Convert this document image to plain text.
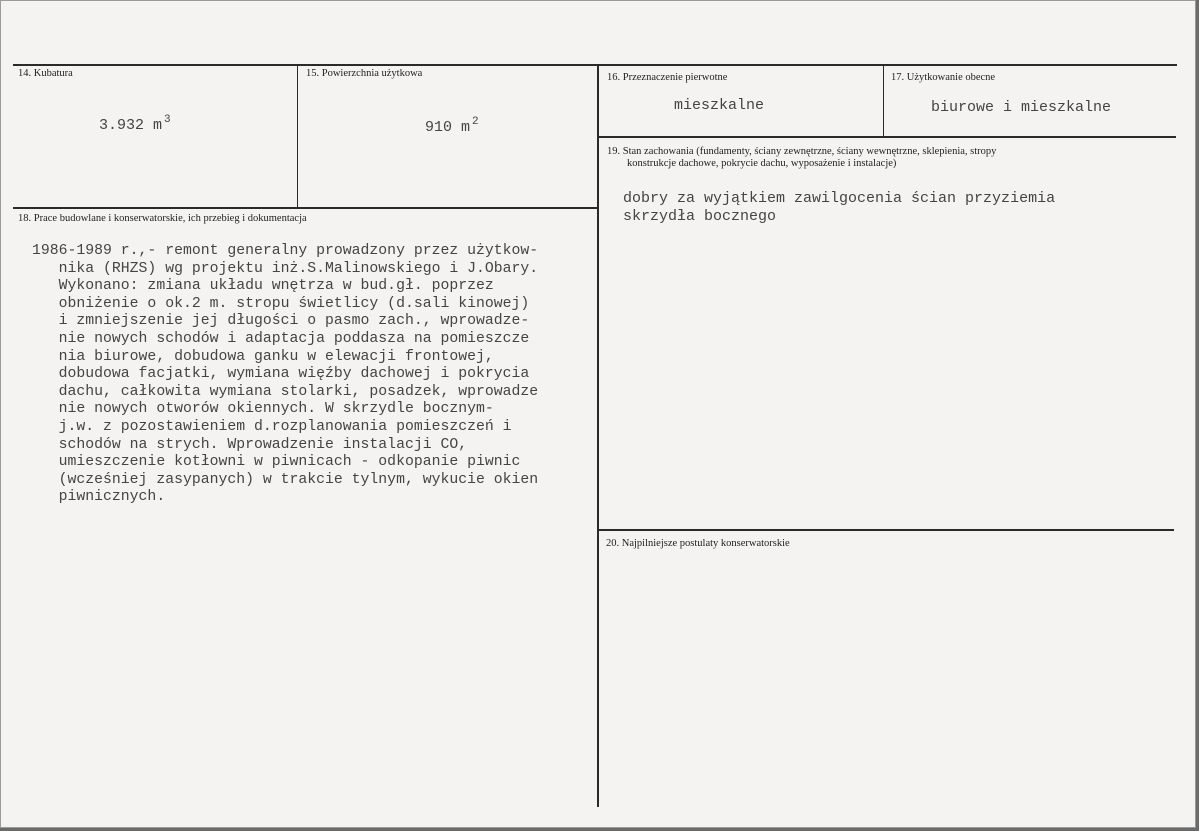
14. Kubatura
3.932 m $^3$
15. Powierzchnia użytkowa
910 m $^2$
16. Przeznaczenie pierwotne
mieszkalne
17. Użytkowanie obecne
biurowe i mieszkalne
18. Prace budowlane i konserwatorskie, ich przebieg i dokumentacja
1986-1989 r.,- remont generalny prowadzony przez użytkow-
nika (RHZS) wg projektu inż.S.Malinowskiego i J.Obary.
Wykonano: zmiana układu wnętrza w bud.gł. poprzez
obniżenie o ok.2 m. stropu świetlicy (d.sali kinowej)
i zmniejszenie jej długości o pasmo zach., wprowadze-
nie nowych schodów i adaptacja poddasza na pomieszcze
nia biurowe, dobudowa ganku w elewacji frontowej,
dobudowa facjatki, wymiana więźby dachowej i pokrycia
dachu, całkowita wymiana stolarki, posadzek, wprowadze
nie nowych otworów okiennych. W skrzydle bocznym-
j.w. z pozostawieniem d.rozplanowania pomieszczeń i
schodów na strych. Wprowadzenie instalacji CO,
umieszczenie kotłowni w piwnicach - odkopanie piwnic
(wcześniej zasypanych) w trakcie tylnym, wykucie okien
piwnicznych.
19. Stan zachowania (fundamenty, ściany zewnętrzne, ściany wewnętrzne, sklepienia, stropy
konstrukcje dachowe, pokrycie dachu, wyposażenie i instalacje)
dobry za wyjątkiem zawilgocenia ścian przyziemia
skrzydła bocznego
20. Najpilniejsze postulaty konserwatorskie
